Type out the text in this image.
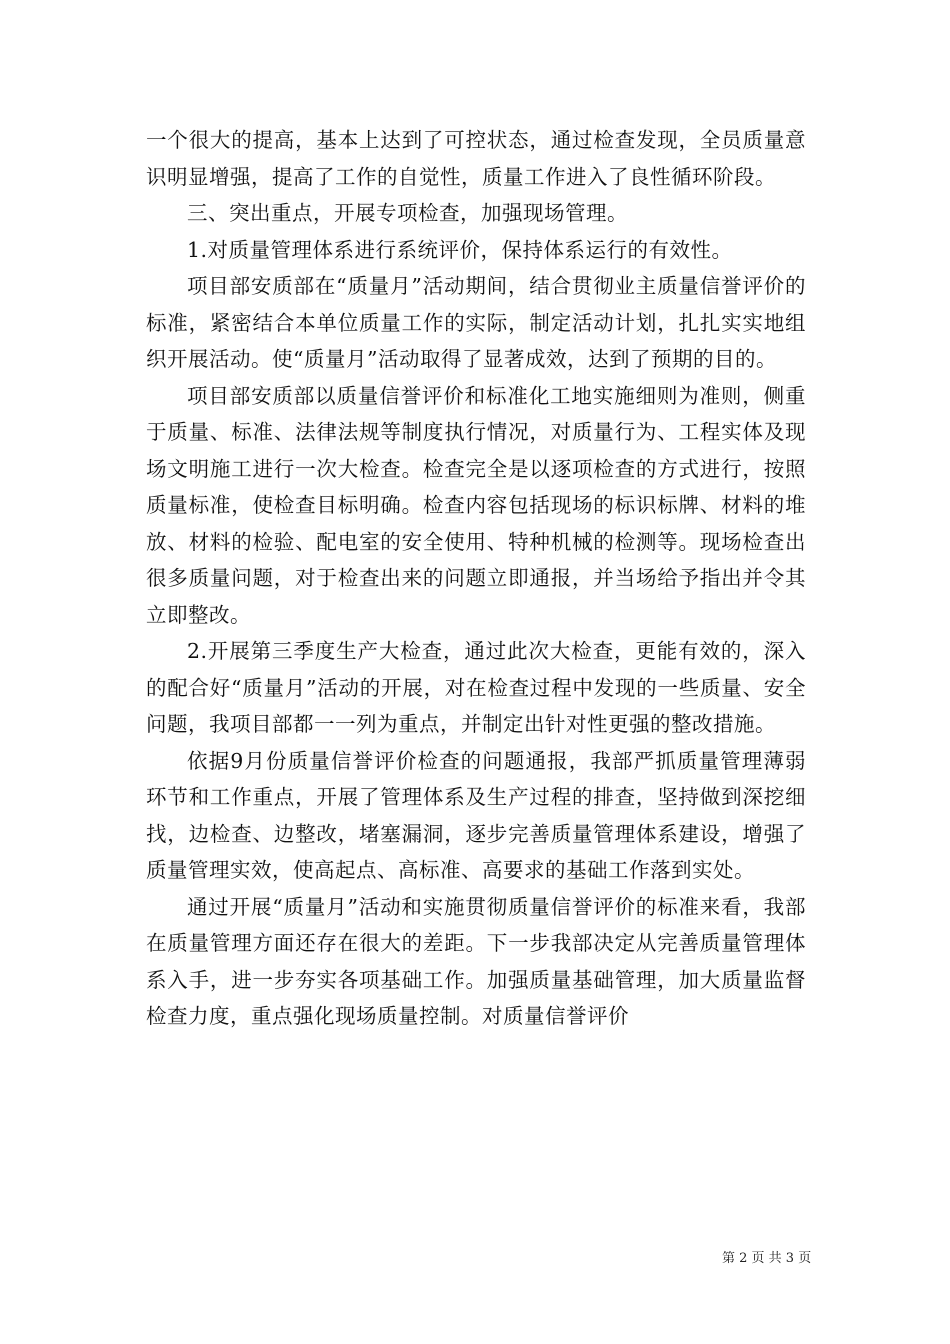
一个很大的提高，基本上达到了可控状态，通过检查发现，全员质量意识明显增强，提高了工作的自觉性，质量工作进入了良性循环阶段。

三、突出重点，开展专项检查，加强现场管理。

1.对质量管理体系进行系统评价，保持体系运行的有效性。

项目部安质部在“质量月”活动期间，结合贯彻业主质量信誉评价的标准，紧密结合本单位质量工作的实际，制定活动计划，扎扎实实地组织开展活动。使“质量月”活动取得了显著成效，达到了预期的目的。

项目部安质部以质量信誉评价和标准化工地实施细则为准则，侧重于质量、标准、法律法规等制度执行情况，对质量行为、工程实体及现场文明施工进行一次大检查。检查完全是以逐项检查的方式进行，按照质量标准，使检查目标明确。检查内容包括现场的标识标牌、材料的堆放、材料的检验、配电室的安全使用、特种机械的检测等。现场检查出很多质量问题，对于检查出来的问题立即通报，并当场给予指出并令其立即整改。

2.开展第三季度生产大检查，通过此次大检查，更能有效的，深入的配合好“质量月”活动的开展，对在检查过程中发现的一些质量、安全问题，我项目部都一一列为重点，并制定出针对性更强的整改措施。

依据9月份质量信誉评价检查的问题通报，我部严抓质量管理薄弱环节和工作重点，开展了管理体系及生产过程的排查，坚持做到深挖细找，边检查、边整改，堵塞漏洞，逐步完善质量管理体系建设，增强了质量管理实效，使高起点、高标准、高要求的基础工作落到实处。

通过开展“质量月”活动和实施贯彻质量信誉评价的标准来看，我部在质量管理方面还存在很大的差距。下一步我部决定从完善质量管理体系入手，进一步夯实各项基础工作。加强质量基础管理，加大质量监督检查力度，重点强化现场质量控制。对质量信誉评价

第 2 页 共 3 页
